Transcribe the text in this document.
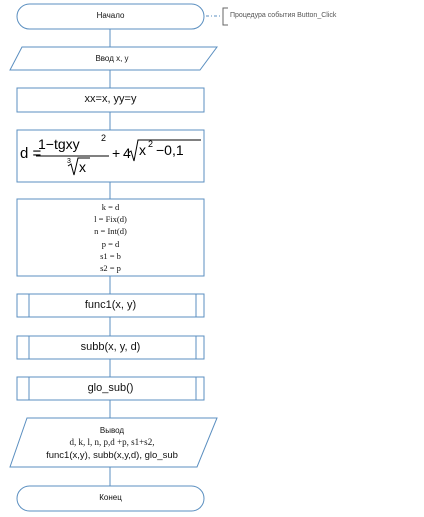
Начало	Процедура события Button_Click
Ввод x, y
xx=x, yy=y
d =
1−tgxy 2
3 x
+ 4 x 2 −0,1
k = d
l = Fix(d)
n = Int(d)
p = d
s1 = b
s2 = p
func1(x, y)
subb(x, y, d)
glo_sub()
Вывод
d, k, l, n, p,d +p, s1+s2,
func1(x,y), subb(x,y,d), glo_sub
Конец
